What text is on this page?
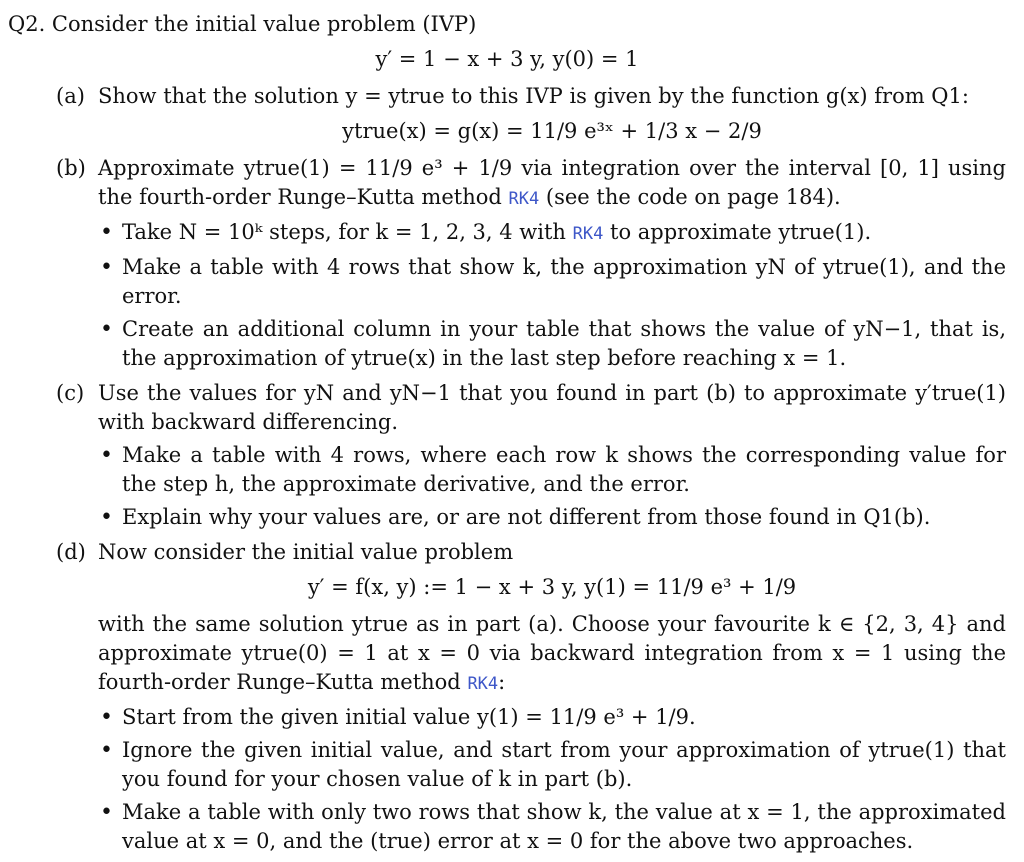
Q2. Consider the initial value problem (IVP)

y′ = 1 − x + 3 y, y(0) = 1

(a) Show that the solution y = ytrue to this IVP is given by the function g(x) from Q1:

ytrue(x) = g(x) = 11/9 e³ˣ + 1/3 x − 2/9

(b) Approximate ytrue(1) = 11/9 e³ + 1/9 via integration over the interval [0, 1] using the fourth-order Runge–Kutta method RK4 (see the code on page 184).

• Take N = 10ᵏ steps, for k = 1, 2, 3, 4 with RK4 to approximate ytrue(1).
• Make a table with 4 rows that show k, the approximation yN of ytrue(1), and the error.
• Create an additional column in your table that shows the value of yN−1, that is, the approximation of ytrue(x) in the last step before reaching x = 1.
(c) Use the values for yN and yN−1 that you found in part (b) to approximate y′true(1) with backward differencing.

• Make a table with 4 rows, where each row k shows the corresponding value for the step h, the approximate derivative, and the error.
• Explain why your values are, or are not different from those found in Q1(b).
(d) Now consider the initial value problem

y′ = f(x, y) := 1 − x + 3 y, y(1) = 11/9 e³ + 1/9

with the same solution ytrue as in part (a). Choose your favourite k ∈ {2, 3, 4} and approximate ytrue(0) = 1 at x = 0 via backward integration from x = 1 using the fourth-order Runge–Kutta method RK4:

• Start from the given initial value y(1) = 11/9 e³ + 1/9.
• Ignore the given initial value, and start from your approximation of ytrue(1) that you found for your chosen value of k in part (b).
• Make a table with only two rows that show k, the value at x = 1, the approximated value at x = 0, and the (true) error at x = 0 for the above two approaches.
